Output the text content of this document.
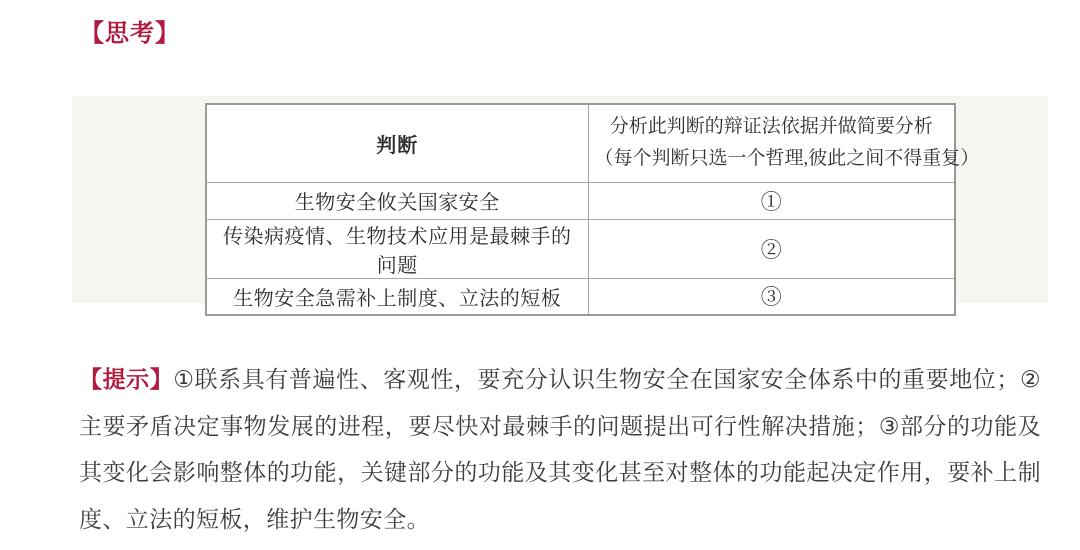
【思考】
判断	分析此判断的辩证法依据并做简要分析
（每个判断只选一个哲理,彼此之间不得重复）

生物安全攸关国家安全	①
传染病疫情、生物技术应用是最棘手的问题	②
生物安全急需补上制度、立法的短板	③

【提示】①联系具有普遍性、客观性，要充分认识生物安全在国家安全体系中的重要地位；②主要矛盾决定事物发展的进程，要尽快对最棘手的问题提出可行性解决措施；③部分的功能及其变化会影响整体的功能，关键部分的功能及其变化甚至对整体的功能起决定作用，要补上制度、立法的短板，维护生物安全。
